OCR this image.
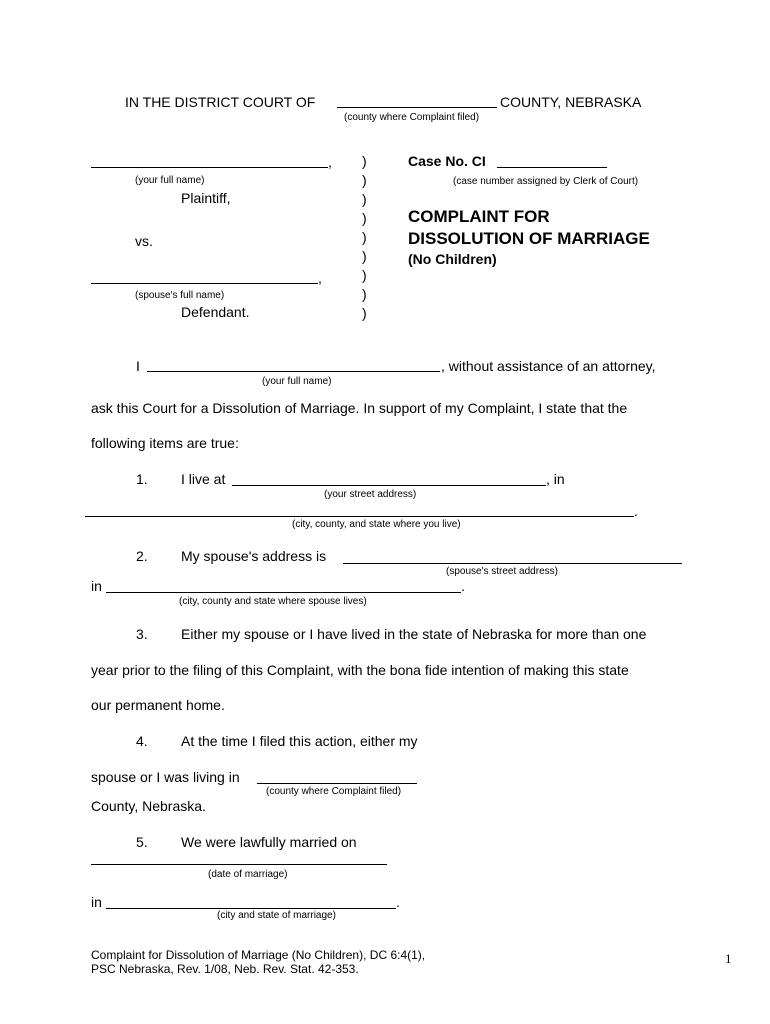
IN THE DISTRICT COURT OF	COUNTY, NEBRASKA
(county where Complaint filed)
,
(your full name)
Plaintiff,
vs.
,
(spouse's full name)
Defendant.
)
)
)
)
)
)
)
)
)
Case No. CI
(case number assigned by Clerk of Court)
COMPLAINT FOR
DISSOLUTION OF MARRIAGE
(No Children)
I	, without assistance of an attorney,
(your full name)
ask this Court for a Dissolution of Marriage. In support of my Complaint, I state that the
following items are true:
1. I live at	, in
(your street address)
.
(city, county, and state where you live)
2. My spouse's address is
(spouse's street address)
in	.
(city, county and state where spouse lives)
3. Either my spouse or I have lived in the state of Nebraska for more than one
year prior to the filing of this Complaint, with the bona fide intention of making this state
our permanent home.
4. At the time I filed this action, either my
spouse or I was living in
(county where Complaint filed)
County, Nebraska.
5. We were lawfully married on
(date of marriage)
in	.
(city and state of marriage)
Complaint for Dissolution of Marriage (No Children), DC 6:4(1),
PSC Nebraska, Rev. 1/08, Neb. Rev. Stat. 42-353.
1
